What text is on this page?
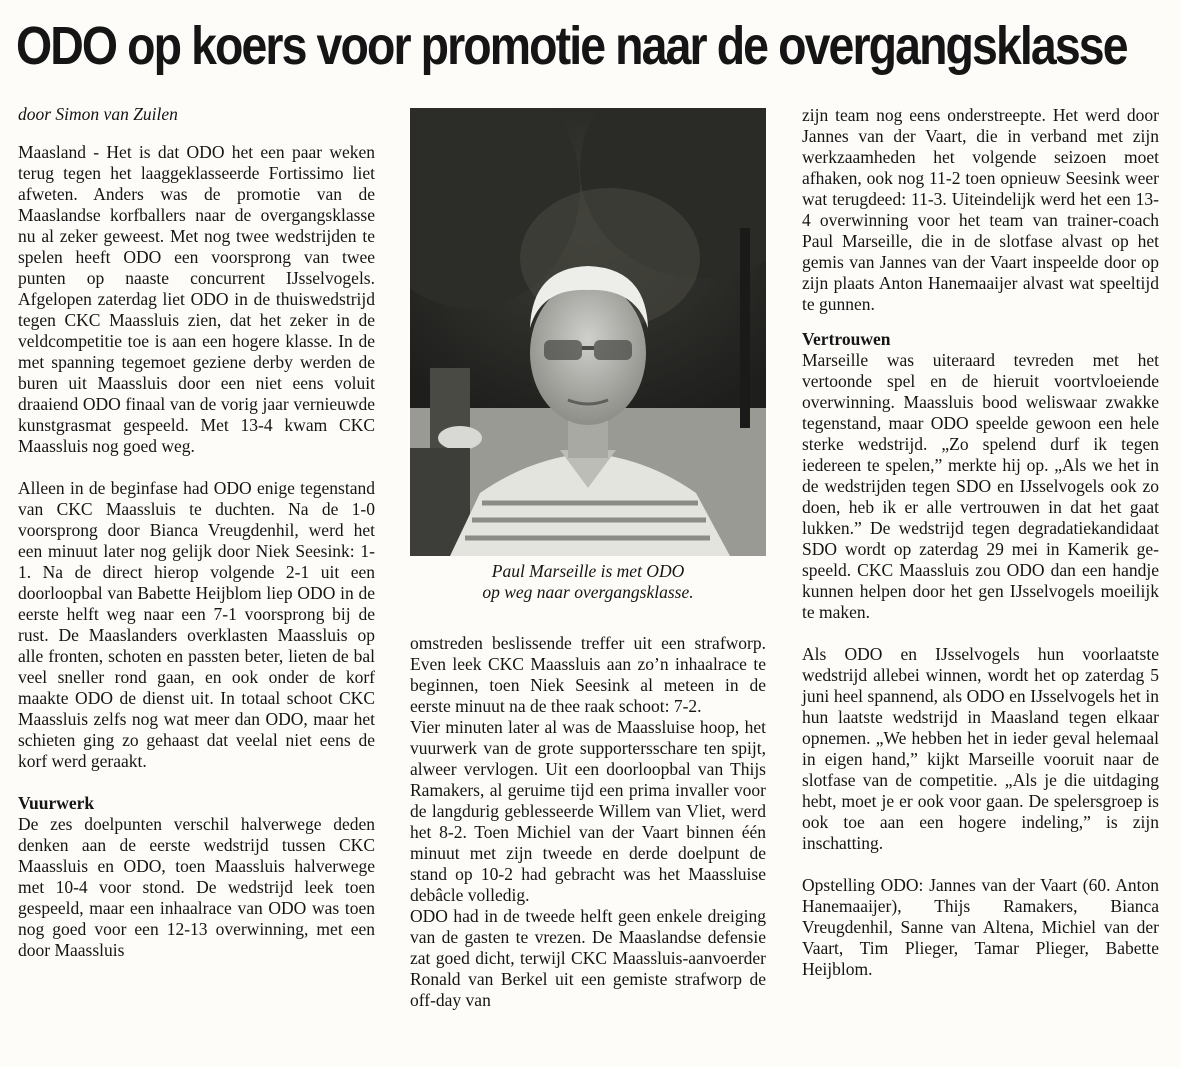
ODO op koers voor promotie naar de overgangsklasse

door Simon van Zuilen

Maasland - Het is dat ODO het een paar weken terug tegen het laaggeklasseerde Fortissimo liet afweten. Anders was de promotie van de Maaslandse korfballers naar de overgangsklasse nu al zeker geweest. Met nog twee wedstrijden te spelen heeft ODO een voorsprong van twee punten op naaste concurrent IJsselvogels. Afgelopen zaterdag liet ODO in de thuiswedstrijd tegen CKC Maassluis zien, dat het zeker in de veldcompetitie toe is aan een hogere klasse. In de met spanning tegemoet geziene derby werden de buren uit Maassluis door een niet eens voluit draaiend ODO finaal van de vorig jaar vernieuwde kunstgrasmat gespeeld. Met 13-4 kwam CKC Maassluis nog goed weg.

Alleen in de beginfase had ODO enige tegenstand van CKC Maassluis te duchten. Na de 1-0 voorsprong door Bianca Vreugdenhil, werd het een minuut later nog gelijk door Niek Seesink: 1-1. Na de direct hierop volgende 2-1 uit een doorloopbal van Babette Heijblom liep ODO in de eerste helft weg naar een 7-1 voorsprong bij de rust. De Maaslanders overklasten Maassluis op alle fronten, schoten en passten beter, lieten de bal veel sneller rond gaan, en ook onder de korf maakte ODO de dienst uit. In totaal schoot CKC Maassluis zelfs nog wat meer dan ODO, maar het schieten ging zo gehaast dat veelal niet eens de korf werd geraakt.

Vuurwerk

De zes doelpunten verschil halverwege deden denken aan de eerste wedstrijd tussen CKC Maassluis en ODO, toen Maassluis halverwege met 10-4 voor stond. De wedstrijd leek toen gespeeld, maar een inhaalrace van ODO was toen nog goed voor een 12-13 overwinning, met een door Maassluis

Paul Marseille is met ODO
op weg naar overgangsklasse.

omstreden beslissende treffer uit een strafworp. Even leek CKC Maassluis aan zo’n inhaalrace te beginnen, toen Niek Seesink al meteen in de eerste minuut na de thee raak schoot: 7-2.

Vier minuten later al was de Maassluise hoop, het vuurwerk van de grote supportersschare ten spijt, alweer vervlogen. Uit een doorloopbal van Thijs Ramakers, al geruime tijd een prima invaller voor de langdurig geblesseerde Willem van Vliet, werd het 8-2. Toen Michiel van der Vaart binnen één minuut met zijn tweede en derde doelpunt de stand op 10-2 had gebracht was het Maassluise debâcle volledig.

ODO had in de tweede helft geen enkele dreiging van de gasten te vrezen. De Maaslandse defensie zat goed dicht, terwijl CKC Maassluis-aanvoerder Ronald van Berkel uit een gemiste strafworp de off-day van

zijn team nog eens onderstreepte. Het werd door Jannes van der Vaart, die in verband met zijn werkzaamheden het volgende seizoen moet afhaken, ook nog 11-2 toen opnieuw Seesink weer wat terugdeed: 11-3. Uiteindelijk werd het een 13-4 overwinning voor het team van trainer-coach Paul Marseille, die in de slotfase alvast op het gemis van Jannes van der Vaart inspeelde door op zijn plaats Anton Hanemaaijer alvast wat speeltijd te gunnen.

Vertrouwen

Marseille was uiteraard tevreden met het vertoonde spel en de hieruit voortvloeiende overwinning. Maassluis bood weliswaar zwakke tegenstand, maar ODO speelde gewoon een hele sterke wedstrijd. „Zo spelend durf ik tegen iedereen te spelen,” merkte hij op. „Als we het in de wedstrijden tegen SDO en IJsselvogels ook zo doen, heb ik er alle vertrouwen in dat het gaat lukken.” De wedstrijd tegen degradatiekandidaat SDO wordt op zaterdag 29 mei in Kamerik gespeeld. CKC Maassluis zou ODO dan een handje kunnen helpen door het gen IJsselvogels moeilijk te maken.

Als ODO en IJsselvogels hun voorlaatste wedstrijd allebei winnen, wordt het op zaterdag 5 juni heel spannend, als ODO en IJsselvogels het in hun laatste wedstrijd in Maasland tegen elkaar opnemen. „We hebben het in ieder geval helemaal in eigen hand,” kijkt Marseille vooruit naar de slotfase van de competitie. „Als je die uitdaging hebt, moet je er ook voor gaan. De spelersgroep is ook toe aan een hogere indeling,” is zijn inschatting.

Opstelling ODO: Jannes van der Vaart (60. Anton Hanemaaijer), Thijs Ramakers, Bianca Vreugdenhil, Sanne van Altena, Michiel van der Vaart, Tim Plieger, Tamar Plieger, Babette Heijblom.
